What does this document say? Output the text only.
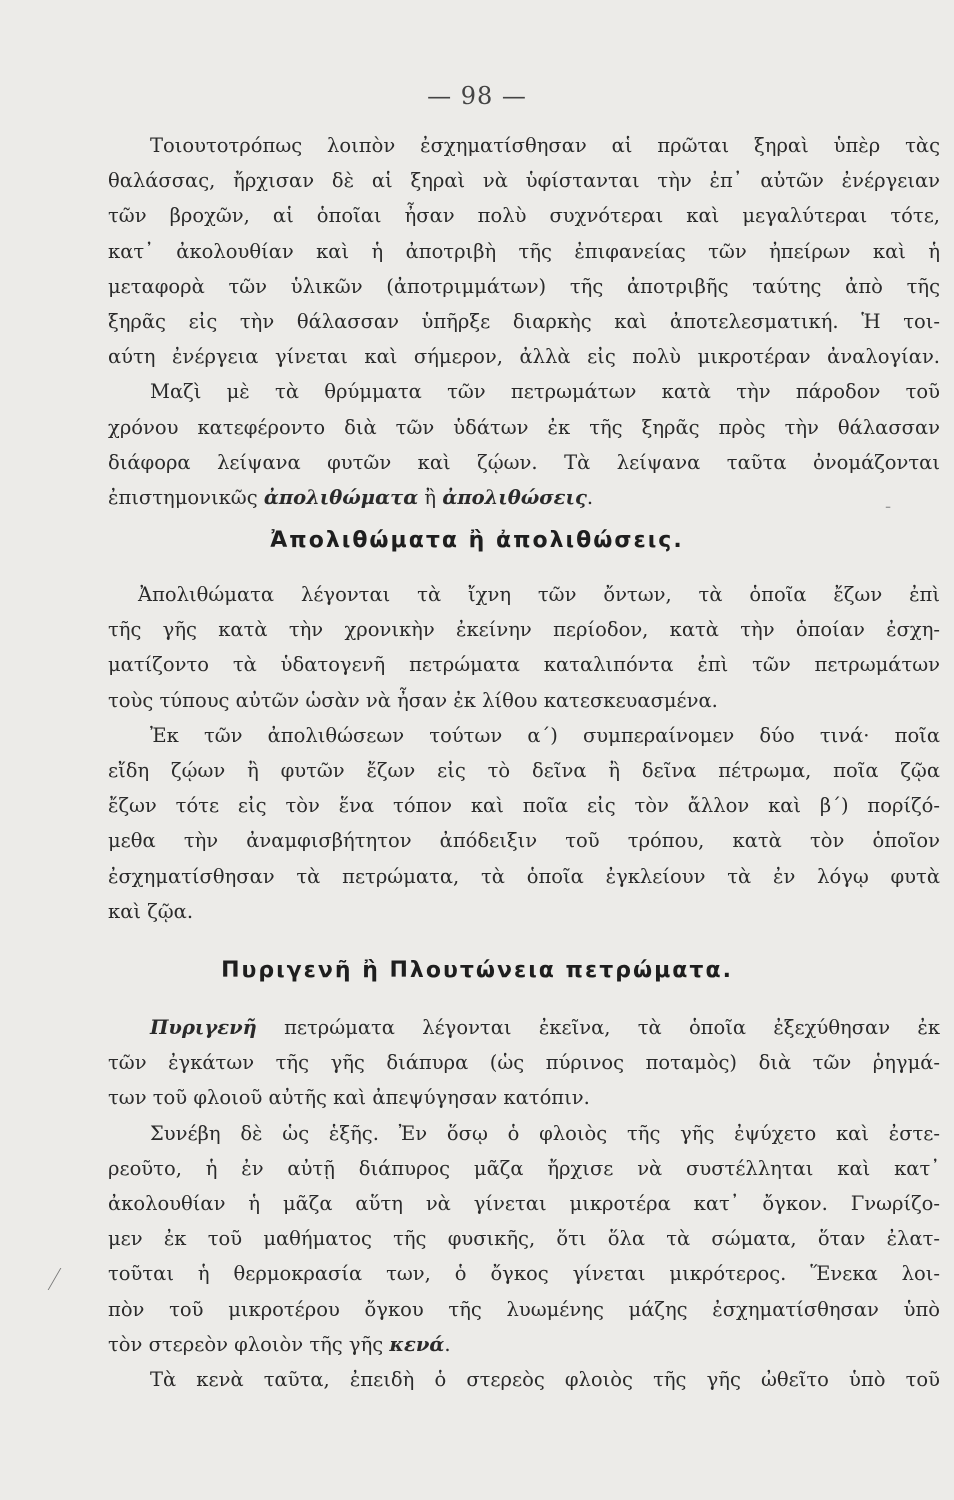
— 98 —
Τοιουτοτρόπως λοιπὸν ἐσχηματίσθησαν αἱ πρῶται ξηραὶ ὑπὲρ τὰς
θαλάσσας, ἤρχισαν δὲ αἱ ξηραὶ νὰ ὑφίστανται τὴν ἐπ᾽ αὐτῶν ἐνέργειαν
τῶν βροχῶν, αἱ ὁποῖαι ἦσαν πολὺ συχνότεραι καὶ μεγαλύτεραι τότε,
κατ᾽ ἀκολουθίαν καὶ ἡ ἀποτριβὴ τῆς ἐπιφανείας τῶν ἠπείρων καὶ ἡ
μεταφορὰ τῶν ὑλικῶν (ἀποτριμμάτων) τῆς ἀποτριβῆς ταύτης ἀπὸ τῆς
ξηρᾶς εἰς τὴν θάλασσαν ὑπῆρξε διαρκὴς καὶ ἀποτελεσματική. Ἡ τοι-
αύτη ἐνέργεια γίνεται καὶ σήμερον, ἀλλὰ εἰς πολὺ μικροτέραν ἀναλογίαν.
Μαζὶ μὲ τὰ θρύμματα τῶν πετρωμάτων κατὰ τὴν πάροδον τοῦ
χρόνου κατεφέροντο διὰ τῶν ὑδάτων ἐκ τῆς ξηρᾶς πρὸς τὴν θάλασσαν
διάφορα λείψανα φυτῶν καὶ ζῴων. Τὰ λείψανα ταῦτα ὀνομάζονται
ἐπιστημονικῶς ἀπολιθώματα ἢ ἀπολιθώσεις.	-
Ἀπολιθώματα ἢ ἀπολιθώσεις.
Ἀπολιθώματα λέγονται τὰ ἴχνη τῶν ὄντων, τὰ ὁποῖα ἔζων ἐπὶ
τῆς γῆς κατὰ τὴν χρονικὴν ἐκείνην περίοδον, κατὰ τὴν ὁποίαν ἐσχη-
ματίζοντο τὰ ὑδατογενῆ πετρώματα καταλιπόντα ἐπὶ τῶν πετρωμάτων
τοὺς τύπους αὐτῶν ὡσὰν νὰ ἦσαν ἐκ λίθου κατεσκευασμένα.
Ἐκ τῶν ἀπολιθώσεων τούτων α΄) συμπεραίνομεν δύο τινά· ποῖα
εἴδη ζῴων ἢ φυτῶν ἔζων εἰς τὸ δεῖνα ἢ δεῖνα πέτρωμα, ποῖα ζῷα
ἔζων τότε εἰς τὸν ἕνα τόπον καὶ ποῖα εἰς τὸν ἄλλον καὶ β΄) πορίζό-
μεθα τὴν ἀναμφισβήτητον ἀπόδειξιν τοῦ τρόπου, κατὰ τὸν ὁποῖον
ἐσχηματίσθησαν τὰ πετρώματα, τὰ ὁποῖα ἐγκλείουν τὰ ἐν λόγῳ φυτὰ
καὶ ζῷα.
Πυριγενῆ ἢ Πλουτώνεια πετρώματα.
Πυριγενῆ πετρώματα λέγονται ἐκεῖνα, τὰ ὁποῖα ἐξεχύθησαν ἐκ
τῶν ἐγκάτων τῆς γῆς διάπυρα (ὡς πύρινος ποταμὸς) διὰ τῶν ῥηγμά-
των τοῦ φλοιοῦ αὐτῆς καὶ ἀπεψύγησαν κατόπιν.
Συνέβη δὲ ὡς ἑξῆς. Ἐν ὅσῳ ὁ φλοιὸς τῆς γῆς ἐψύχετο καὶ ἐστε-
ρεοῦτο, ἡ ἐν αὐτῇ διάπυρος μᾶζα ἤρχισε νὰ συστέλληται καὶ κατ᾽
ἀκολουθίαν ἡ μᾶζα αὕτη νὰ γίνεται μικροτέρα κατ᾽ ὄγκον. Γνωρίζο-
μεν ἐκ τοῦ μαθήματος τῆς φυσικῆς, ὅτι ὅλα τὰ σώματα, ὅταν ἐλατ-
τοῦται ἡ θερμοκρασία των, ὁ ὄγκος γίνεται μικρότερος. Ἕνεκα λοι-
πὸν τοῦ μικροτέρου ὄγκου τῆς λυωμένης μάζης ἐσχηματίσθησαν ὑπὸ
τὸν στερεὸν φλοιὸν τῆς γῆς κενά.
Τὰ κενὰ ταῦτα, ἐπειδὴ ὁ στερεὸς φλοιὸς τῆς γῆς ὠθεῖτο ὑπὸ τοῦ
